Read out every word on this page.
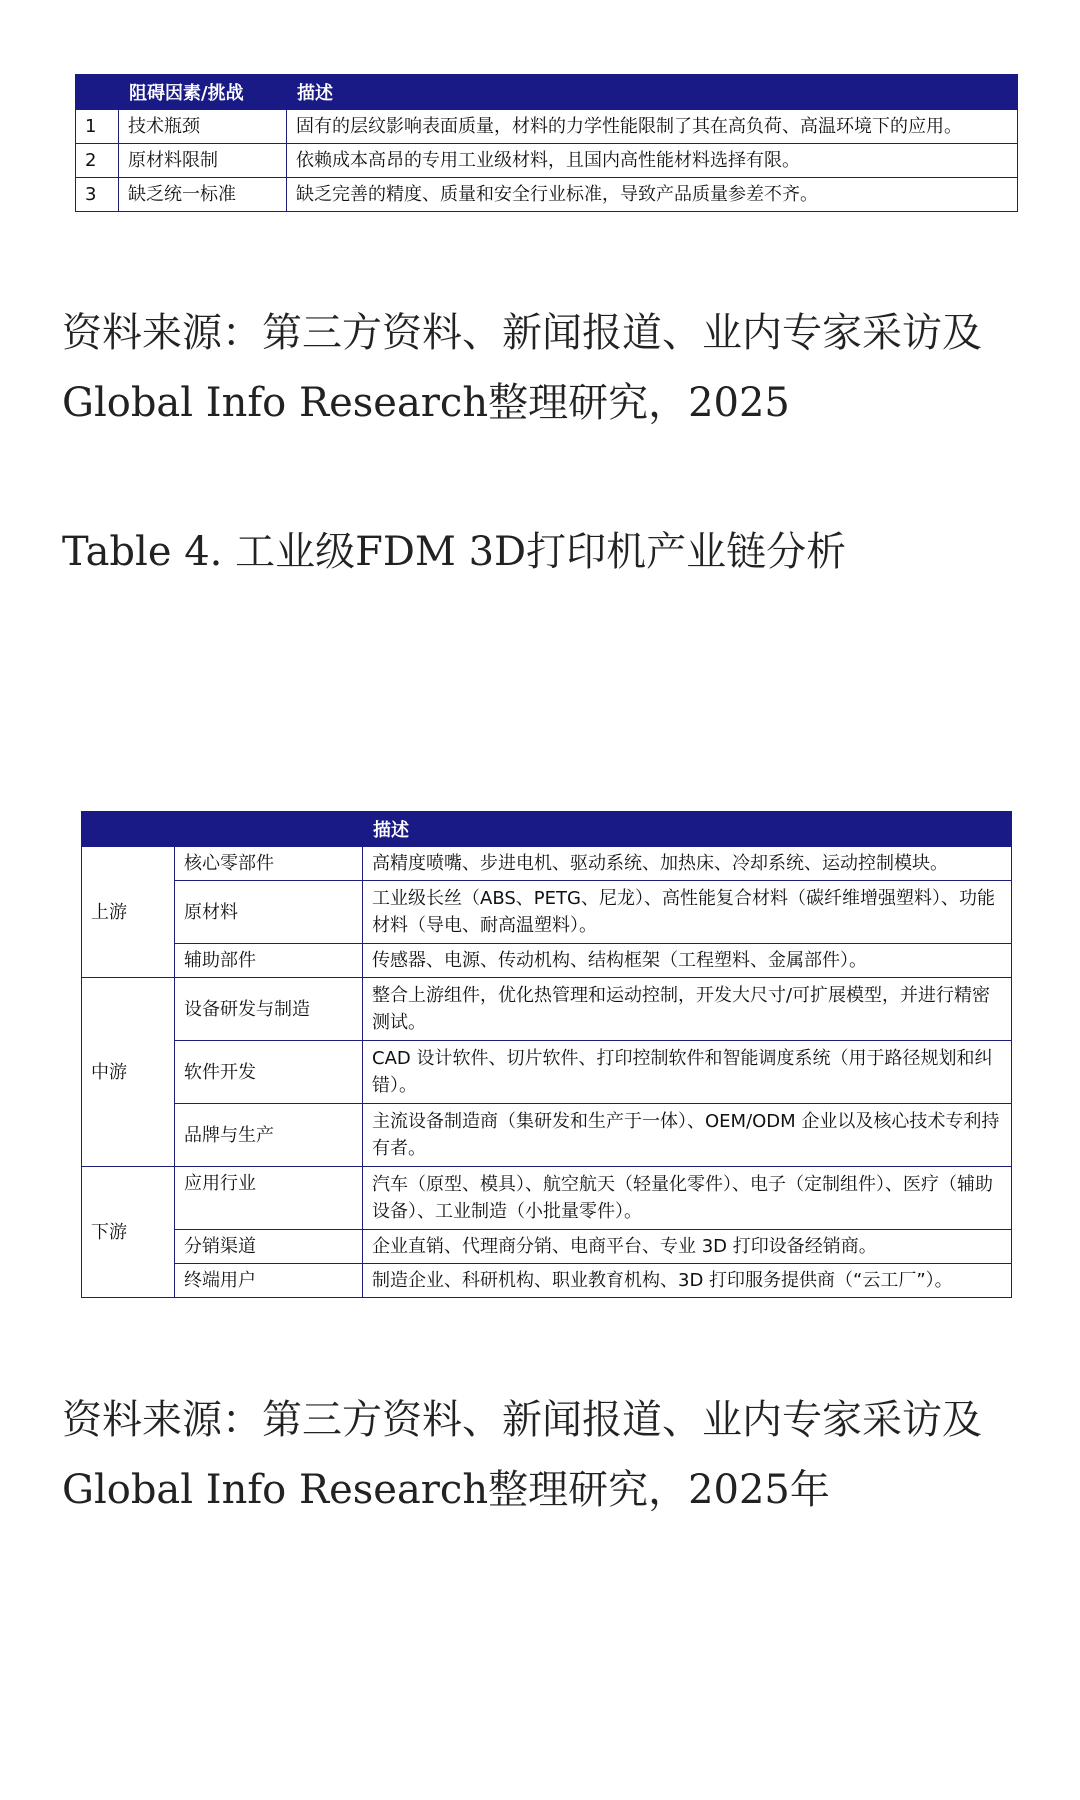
	阻碍因素/挑战	描述
1	技术瓶颈	固有的层纹影响表面质量，材料的力学性能限制了其在高负荷、高温环境下的应用。
2	原材料限制	依赖成本高昂的专用工业级材料，且国内高性能材料选择有限。
3	缺乏统一标准	缺乏完善的精度、质量和安全行业标准，导致产品质量参差不齐。

资料来源：第三方资料、新闻报道、业内专家采访及
Global Info Research整理研究，2025

Table 4. 工业级FDM 3D打印机产业链分析

		描述
上游	核心零部件	高精度喷嘴、步进电机、驱动系统、加热床、冷却系统、运动控制模块。
	原材料	工业级长丝（ABS、PETG、尼龙）、高性能复合材料（碳纤维增强塑料）、功能材料（导电、耐高温塑料）。
	辅助部件	传感器、电源、传动机构、结构框架（工程塑料、金属部件）。
中游	设备研发与制造	整合上游组件，优化热管理和运动控制，开发大尺寸/可扩展模型，并进行精密测试。
	软件开发	CAD 设计软件、切片软件、打印控制软件和智能调度系统（用于路径规划和纠错）。
	品牌与生产	主流设备制造商（集研发和生产于一体）、OEM/ODM 企业以及核心技术专利持有者。
下游	应用行业	汽车（原型、模具）、航空航天（轻量化零件）、电子（定制组件）、医疗（辅助设备）、工业制造（小批量零件）。
	分销渠道	企业直销、代理商分销、电商平台、专业 3D 打印设备经销商。
	终端用户	制造企业、科研机构、职业教育机构、3D 打印服务提供商（“云工厂”）。

资料来源：第三方资料、新闻报道、业内专家采访及
Global Info Research整理研究，2025年
